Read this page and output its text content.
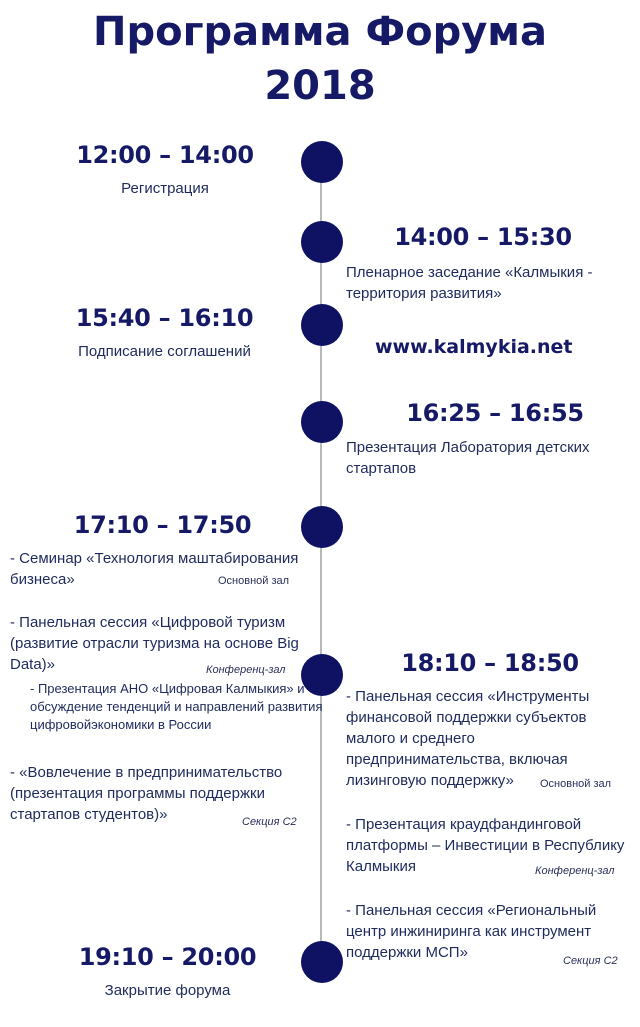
Программа Форума
2018
12:00 – 14:00
Регистрация
14:00 – 15:30
Пленарное заседание «Калмыкия - территория развития»
15:40 – 16:10
Подписание соглашений	www.kalmykia.net
16:25 – 16:55
Презентация Лаборатория детских стартапов
17:10 – 17:50
- Семинар «Технология маштабирования бизнеса»	Основной зал
- Панельная сессия «Цифровой туризм (развитие отрасли туризма на основе Big Data)»	Конференц-зал
- Презентация АНО «Цифровая Калмыкия» и обсуждение тенденций и направлений развития цифровойэкономики в России
- «Вовлечение в предпринимательство (презентация программы поддержки стартапов студентов)»	Секция С2
18:10 – 18:50
- Панельная сессия «Инструменты финансовой поддержки субъектов малого и среднего предпринимательства, включая лизинговую поддержку»	Основной зал
- Презентация краудфандинговой платформы – Инвестиции в Республику Калмыкия	Конференц-зал
- Панельная сессия «Региональный центр инжиниринга как инструмент поддержки МСП»	Секция С2
19:10 – 20:00
Закрытие форума
